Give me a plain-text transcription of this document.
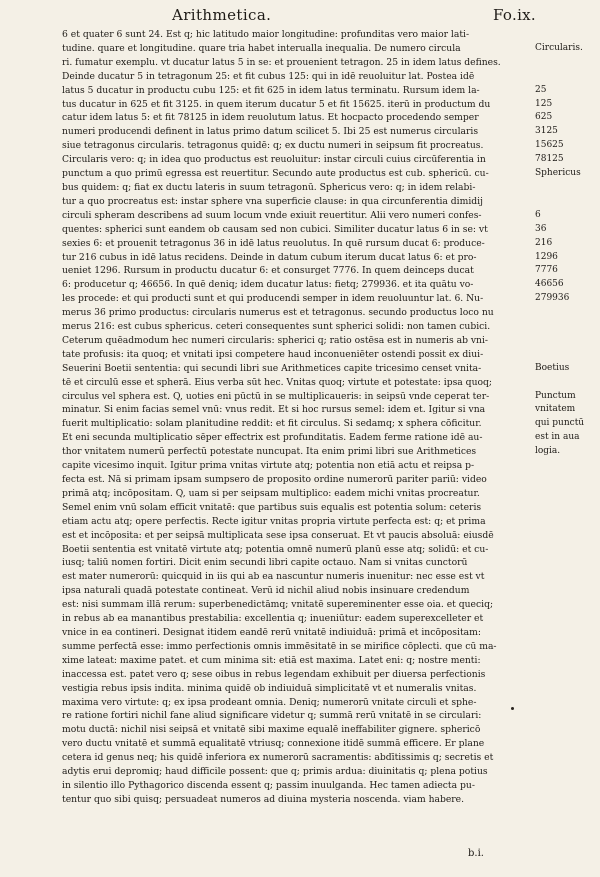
Arithmetica.	Fo.ix.
6 et quater 6 sunt 24. Est q; hic latitudo maior longitudine: profunditas vero maior lati-
tudine. quare et longitudine. quare tria habet interualla inequalia. De numero circula
ri. fumatur exemplu. vt ducatur latus 5 in se: et prouenient tetragon. 25 in idem latus defines.
Deinde ducatur 5 in tetragonum 25: et fit cubus 125: qui in idē reuoluitur lat. Postea idē
latus 5 ducatur in productu cubu 125: et fit 625 in idem latus terminatu. Rursum idem la-
tus ducatur in 625 et fit 3125. in quem iterum ducatur 5 et fit 15625. iterū in productum du
catur idem latus 5: et fit 78125 in idem reuolutum latus. Et hocpacto procedendo semper
numeri producendi definent in latus primo datum scilicet 5. Ibi 25 est numerus circularis
siue tetragonus circularis. tetragonus quidē: q; ex ductu numeri in seipsum fit procreatus.
Circularis vero: q; in idea quo productus est reuoluitur: instar circuli cuius circūferentia in
punctum a quo primū egressa est reuertitur. Secundo aute productus est cub. sphericū. cu-
bus quidem: q; fiat ex ductu lateris in suum tetragonū. Sphericus vero: q; in idem relabi-
tur a quo procreatus est: instar sphere vna superficie clause: in qua circunferentia dimidij
circuli spheram describens ad suum locum vnde exiuit reuertitur. Alii vero numeri confes-
quentes: spherici sunt eandem ob causam sed non cubici. Similiter ducatur latus 6 in se: vt
sexies 6: et prouenit tetragonus 36 in idē latus reuolutus. In quē rursum ducat 6: produce-
tur 216 cubus in idē latus recidens. Deinde in datum cubum iterum ducat latus 6: et pro-
ueniet 1296. Rursum in productu ducatur 6: et consurget 7776. In quem deinceps ducat
6: producetur q; 46656. In quē deniq; idem ducatur latus: fietq; 279936. et ita quātu vo-
les procede: et qui producti sunt et qui producendi semper in idem reuoluuntur lat. 6. Nu-
merus 36 primo productus: circularis numerus est et tetragonus. secundo productus loco nu
merus 216: est cubus sphericus. ceteri consequentes sunt spherici solidi: non tamen cubici.
Ceterum quēadmodum hec numeri circularis: spherici q; ratio ostēsa est in numeris ab vni-
tate profusis: ita quoq; et vnitati ipsi competere haud inconueniēter ostendi possit ex diui-
Seuerini Boetii sententia: qui secundi libri sue Arithmetices capite tricesimo censet vnita-
tē et circulū esse et spherā. Eius verba sūt hec. Vnitas quoq; virtute et potestate: ipsa quoq;
circulus vel sphera est. Q, uoties eni pūctū in se multiplicaueris: in seipsū vnde ceperat ter-
minatur. Si enim facias semel vnū: vnus redit. Et si hoc rursus semel: idem et. Igitur si vna
fuerit multiplicatio: solam planitudine reddit: et fit circulus. Si sedamq; x sphera cōficitur.
Et eni secunda multiplicatio sēper effectrix est profunditatis. Eadem ferme ratione idē au-
thor vnitatem numerū perfectū potestate nuncupat. Ita enim primi libri sue Arithmetices
capite vicesimo inquit. Igitur prima vnitas virtute atq; potentia non etiā actu et reipsa p-
fecta est. Nā si primam ipsam sumpsero de proposito ordine numerorū pariter pariū: video
primā atq; incōpositam. Q, uam si per seipsam multiplico: eadem michi vnitas procreatur.
Semel enim vnū solam efficit vnitatē: que partibus suis equalis est potentia solum: ceteris
etiam actu atq; opere perfectis. Recte igitur vnitas propria virtute perfecta est: q; et prima
est et incōposita: et per seipsā multiplicata sese ipsa conseruat. Et vt paucis absoluā: eiusdē
Boetii sententia est vnitatē virtute atq; potentia omnē numerū planū esse atq; solidū: et cu-
iusq; taliū nomen fortiri. Dicit enim secundi libri capite octauo. Nam si vnitas cunctorū
est mater numerorū: quicquid in iis qui ab ea nascuntur numeris inuenitur: nec esse est vt
ipsa naturali quadā potestate contineat. Verū id nichil aliud nobis insinuare credendum
est: nisi summam illā rerum: superbenedictāmq; vnitatē supereminenter esse oia. et queciq;
in rebus ab ea manantibus prestabilia: excellentia q; inueniūtur: eadem superexcelleter et
vnice in ea contineri. Designat itidem eandē rerū vnitatē indiuiduā: primā et incōpositam:
summe perfectā esse: immo perfectionis omnis immēsitatē in se mirifice cōplecti. que cū ma-
xime lateat: maxime patet. et cum minima sit: etiā est maxima. Latet eni: q; nostre menti:
inaccessa est. patet vero q; sese oibus in rebus legendam exhibuit per diuersa perfectionis
vestigia rebus ipsis indita. minima quidē ob indiuiduā simplicitatē vt et numeralis vnitas.
maxima vero virtute: q; ex ipsa prodeant omnia. Deniq; numerorū vnitate circuli et sphe-
re ratione fortiri nichil fane aliud significare videtur q; summā rerū vnitatē in se circulari:
motu ductā: nichil nisi seipsā et vnitatē sibi maxime equalē ineffabiliter gignere. sphericō
vero ductu vnitatē et summā equalitatē vtriusq; connexione itidē summā efficere. Er plane
cetera id genus neq; his quidē inferiora ex numerorū sacramentis: abdītissimis q; secretis et
adytis erui depromiq; haud difficile possent: que q; primis ardua: diuinitatis q; plena potius
in silentio illo Pythagorico discenda essent q; passim inuulganda. Hec tamen adiecta pu-
tentur quo sibi quisq; persuadeat numeros ad diuina mysteria noscenda. viam habere.
Circularis.
25
125
625
3125
15625
78125
Sphericus
6
36
216
1296
7776
46656
279936
Boetius
Punctum
vnitatem
qui punctū
est in aua
logia.
b.i.
